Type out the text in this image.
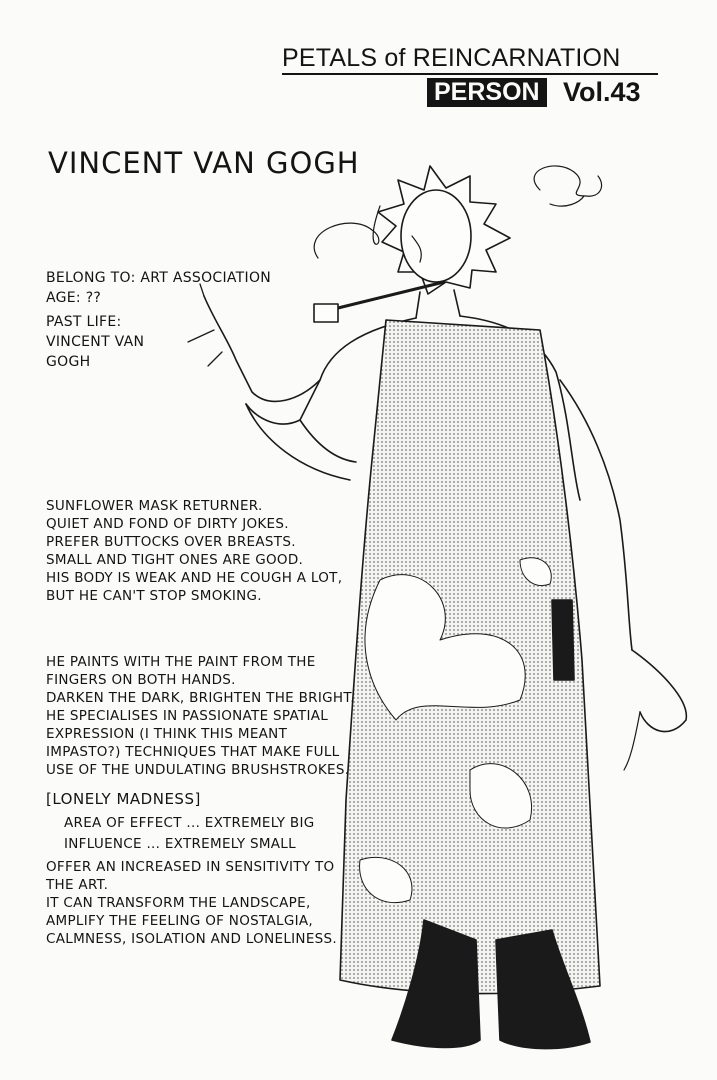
PETALS of REINCARNATION
PERSON Vol.43
VINCENT VAN GOGH
BELONG TO: ART ASSOCIATION
AGE: ??
PAST LIFE:
VINCENT VAN
GOGH
SUNFLOWER MASK RETURNER.
QUIET AND FOND OF DIRTY JOKES.
PREFER BUTTOCKS OVER BREASTS.
SMALL AND TIGHT ONES ARE GOOD.
HIS BODY IS WEAK AND HE COUGH A LOT,
BUT HE CAN'T STOP SMOKING.
HE PAINTS WITH THE PAINT FROM THE
FINGERS ON BOTH HANDS.
DARKEN THE DARK, BRIGHTEN THE BRIGHT.
HE SPECIALISES IN PASSIONATE SPATIAL
EXPRESSION (I THINK THIS MEANT
IMPASTO?) TECHNIQUES THAT MAKE FULL
USE OF THE UNDULATING BRUSHSTROKES.
[LONELY MADNESS]
AREA OF EFFECT ... EXTREMELY BIG
INFLUENCE ... EXTREMELY SMALL
OFFER AN INCREASED IN SENSITIVITY TO
THE ART.
IT CAN TRANSFORM THE LANDSCAPE,
AMPLIFY THE FEELING OF NOSTALGIA,
CALMNESS, ISOLATION AND LONELINESS.
